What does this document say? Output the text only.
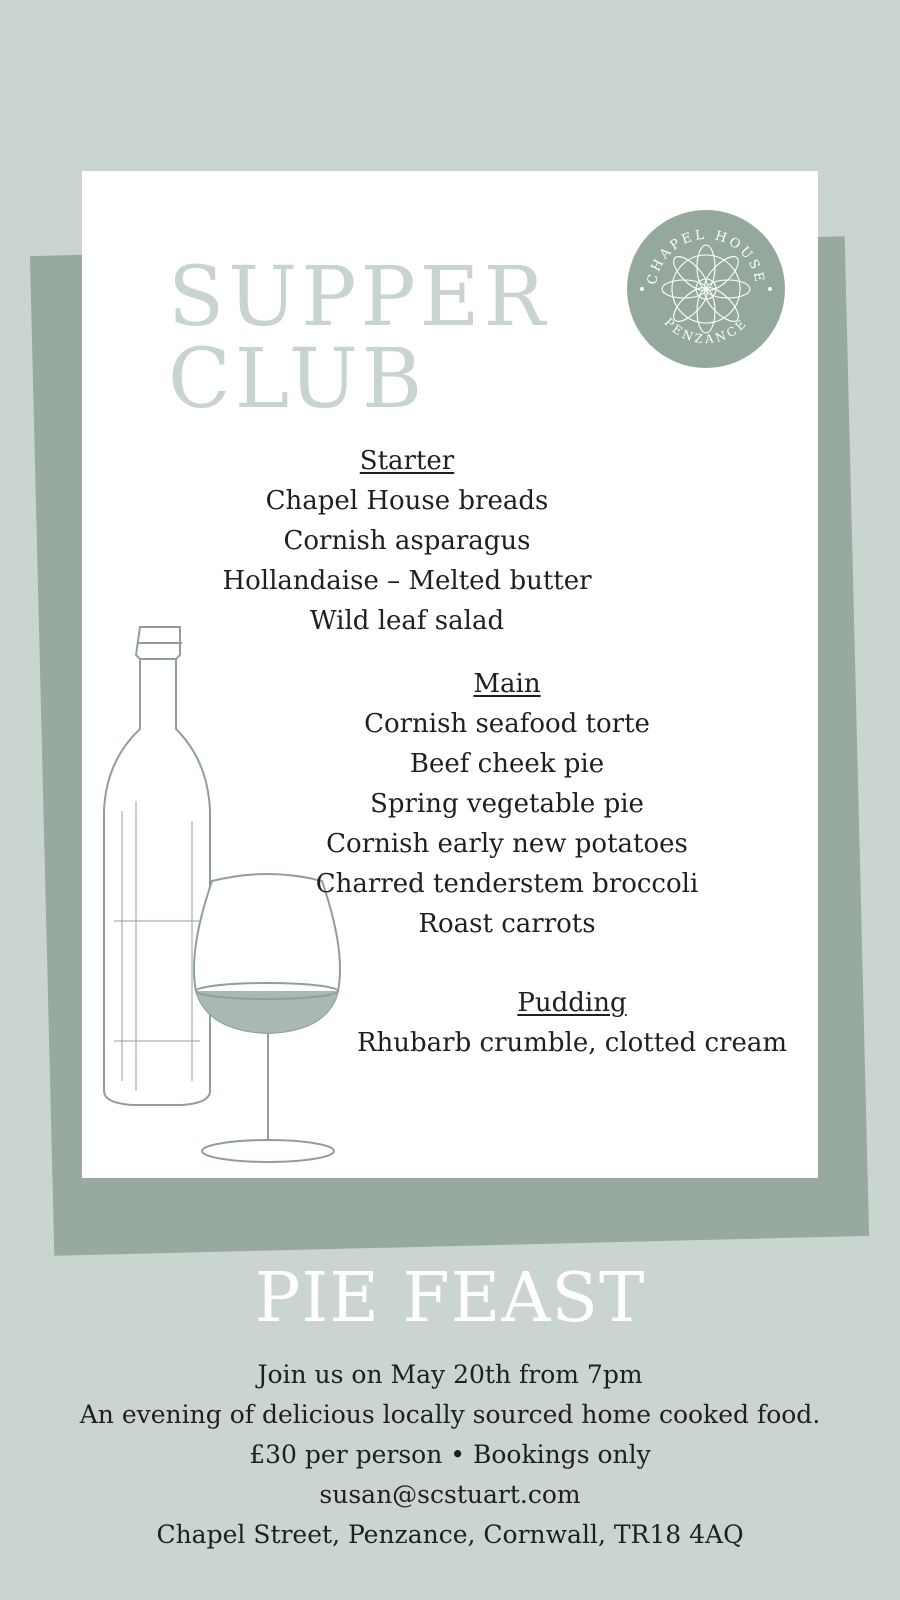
SUPPER
CLUB
CHAPEL HOUSE
PENZANCE
Starter
Chapel House breads
Cornish asparagus
Hollandaise – Melted butter
Wild leaf salad
Main
Cornish seafood torte
Beef cheek pie
Spring vegetable pie
Cornish early new potatoes
Charred tenderstem broccoli
Roast carrots
Pudding
Rhubarb crumble, clotted cream
PIE FEAST
Join us on May 20th from 7pm
An evening of delicious locally sourced home cooked food.
£30 per person • Bookings only
susan@scstuart.com
Chapel Street, Penzance, Cornwall, TR18 4AQ
